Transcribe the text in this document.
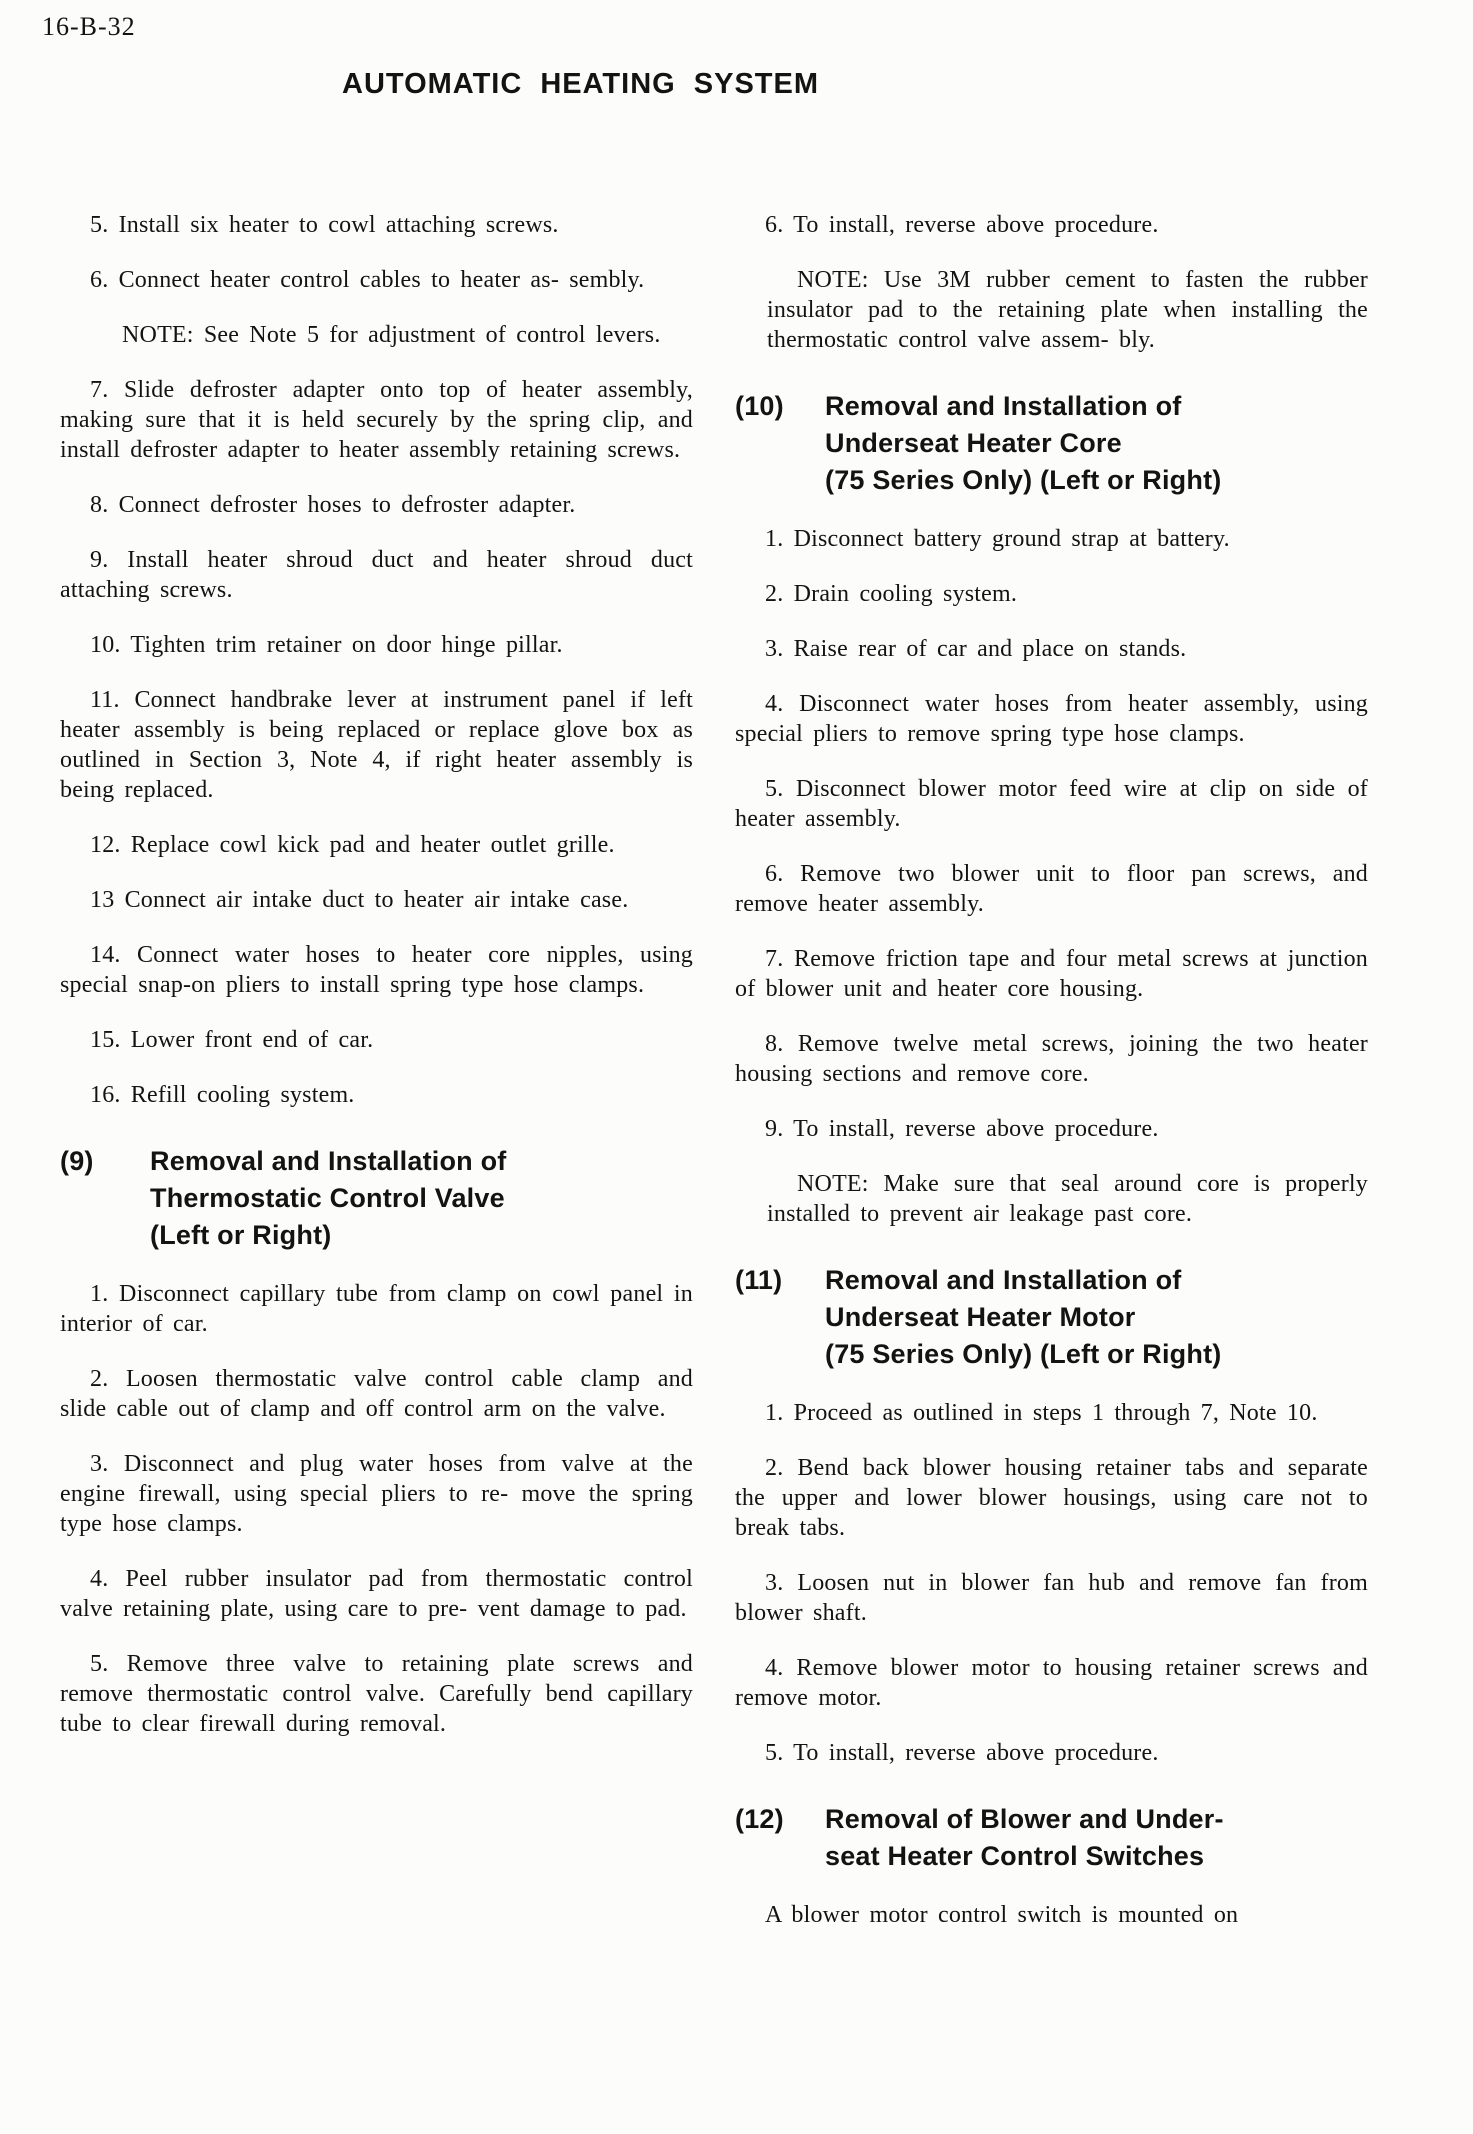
16-B-32
AUTOMATIC HEATING SYSTEM

5. Install six heater to cowl attaching screws.

6. Connect heater control cables to heater as- sembly.

NOTE: See Note 5 for adjustment of control levers.

7. Slide defroster adapter onto top of heater assembly, making sure that it is held securely by the spring clip, and install defroster adapter to heater assembly retaining screws.

8. Connect defroster hoses to defroster adapter.

9. Install heater shroud duct and heater shroud duct attaching screws.

10. Tighten trim retainer on door hinge pillar.

11. Connect handbrake lever at instrument panel if left heater assembly is being replaced or replace glove box as outlined in Section 3, Note 4, if right heater assembly is being replaced.

12. Replace cowl kick pad and heater outlet grille.

13 Connect air intake duct to heater air intake case.

14. Connect water hoses to heater core nipples, using special snap-on pliers to install spring type hose clamps.

15. Lower front end of car.

16. Refill cooling system.

(9)	Removal and Installation of
Thermostatic Control Valve
(Left or Right)

1. Disconnect capillary tube from clamp on cowl panel in interior of car.

2. Loosen thermostatic valve control cable clamp and slide cable out of clamp and off control arm on the valve.

3. Disconnect and plug water hoses from valve at the engine firewall, using special pliers to re- move the spring type hose clamps.

4. Peel rubber insulator pad from thermostatic control valve retaining plate, using care to pre- vent damage to pad.

5. Remove three valve to retaining plate screws and remove thermostatic control valve. Carefully bend capillary tube to clear firewall during removal.

6. To install, reverse above procedure.

NOTE: Use 3M rubber cement to fasten the rubber insulator pad to the retaining plate when installing the thermostatic control valve assem- bly.

(10)	Removal and Installation of
Underseat Heater Core
(75 Series Only) (Left or Right)

1. Disconnect battery ground strap at battery.

2. Drain cooling system.

3. Raise rear of car and place on stands.

4. Disconnect water hoses from heater assembly, using special pliers to remove spring type hose clamps.

5. Disconnect blower motor feed wire at clip on side of heater assembly.

6. Remove two blower unit to floor pan screws, and remove heater assembly.

7. Remove friction tape and four metal screws at junction of blower unit and heater core housing.

8. Remove twelve metal screws, joining the two heater housing sections and remove core.

9. To install, reverse above procedure.

NOTE: Make sure that seal around core is properly installed to prevent air leakage past core.

(11)	Removal and Installation of
Underseat Heater Motor
(75 Series Only) (Left or Right)

1. Proceed as outlined in steps 1 through 7, Note 10.

2. Bend back blower housing retainer tabs and separate the upper and lower blower housings, using care not to break tabs.

3. Loosen nut in blower fan hub and remove fan from blower shaft.

4. Remove blower motor to housing retainer screws and remove motor.

5. To install, reverse above procedure.

(12)	Removal of Blower and Under-
seat Heater Control Switches

A blower motor control switch is mounted on
